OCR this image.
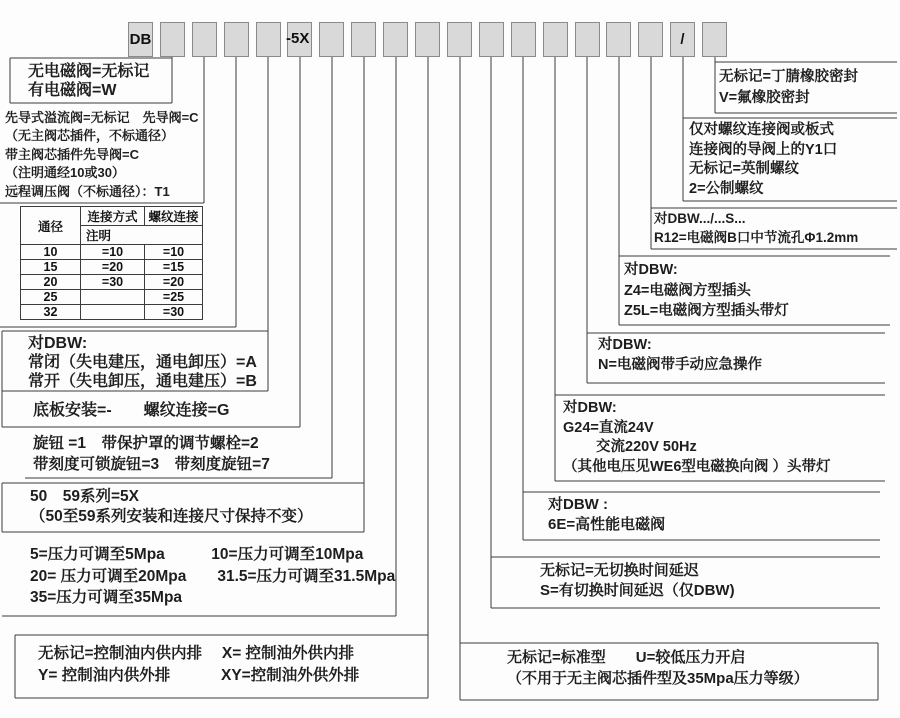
DB	-5X	/
无电磁阀=无标记
有电磁阀=W
先导式溢流阀=无标记　先导阀=C
（无主阀芯插件，不标通径）
带主阀芯插件先导阀=C
（注明通经10或30）
远程调压阀（不标通径）：T1
通径	连接方式	螺纹连接
	注明	
10	=10	=10
15	=20	=15
20	=30	=20
25		=25
32		=30
对DBW:
常闭（失电建压，通电卸压）=A
常开（失电卸压，通电建压）=B
底板安装=-　　螺纹连接=G
旋钮 =1　带保护罩的调节螺栓=2
带刻度可锁旋钮=3　带刻度旋钮=7
50　59系列=5X
（50至59系列安装和连接尺寸保持不变）
5=压力可调至5Mpa　　　10=压力可调至10Mpa
20= 压力可调至20Mpa　　31.5=压力可调至31.5Mpa
35=压力可调至35Mpa
无标记=控制油内供内排　 X= 控制油外供内排
Y= 控制油内供外排　　　 XY=控制油外供外排
无标记=标准型　　U=较低压力开启
（不用于无主阀芯插件型及35Mpa压力等级）
无标记=无切换时间延迟
S=有切换时间延迟（仅DBW)
对DBW :
6E=高性能电磁阀
对DBW:
G24=直流24V
　　 交流220V 50Hz
（其他电压见WE6型电磁换向阀 ）头带灯
对DBW:
N=电磁阀带手动应急操作
对DBW:
Z4=电磁阀方型插头
Z5L=电磁阀方型插头带灯
对DBW.../...S...
R12=电磁阀B口中节流孔Φ1.2mm
仅对螺纹连接阀或板式
连接阀的导阀上的Y1口
无标记=英制螺纹
2=公制螺纹
无标记=丁腈橡胶密封
V=氟橡胶密封
